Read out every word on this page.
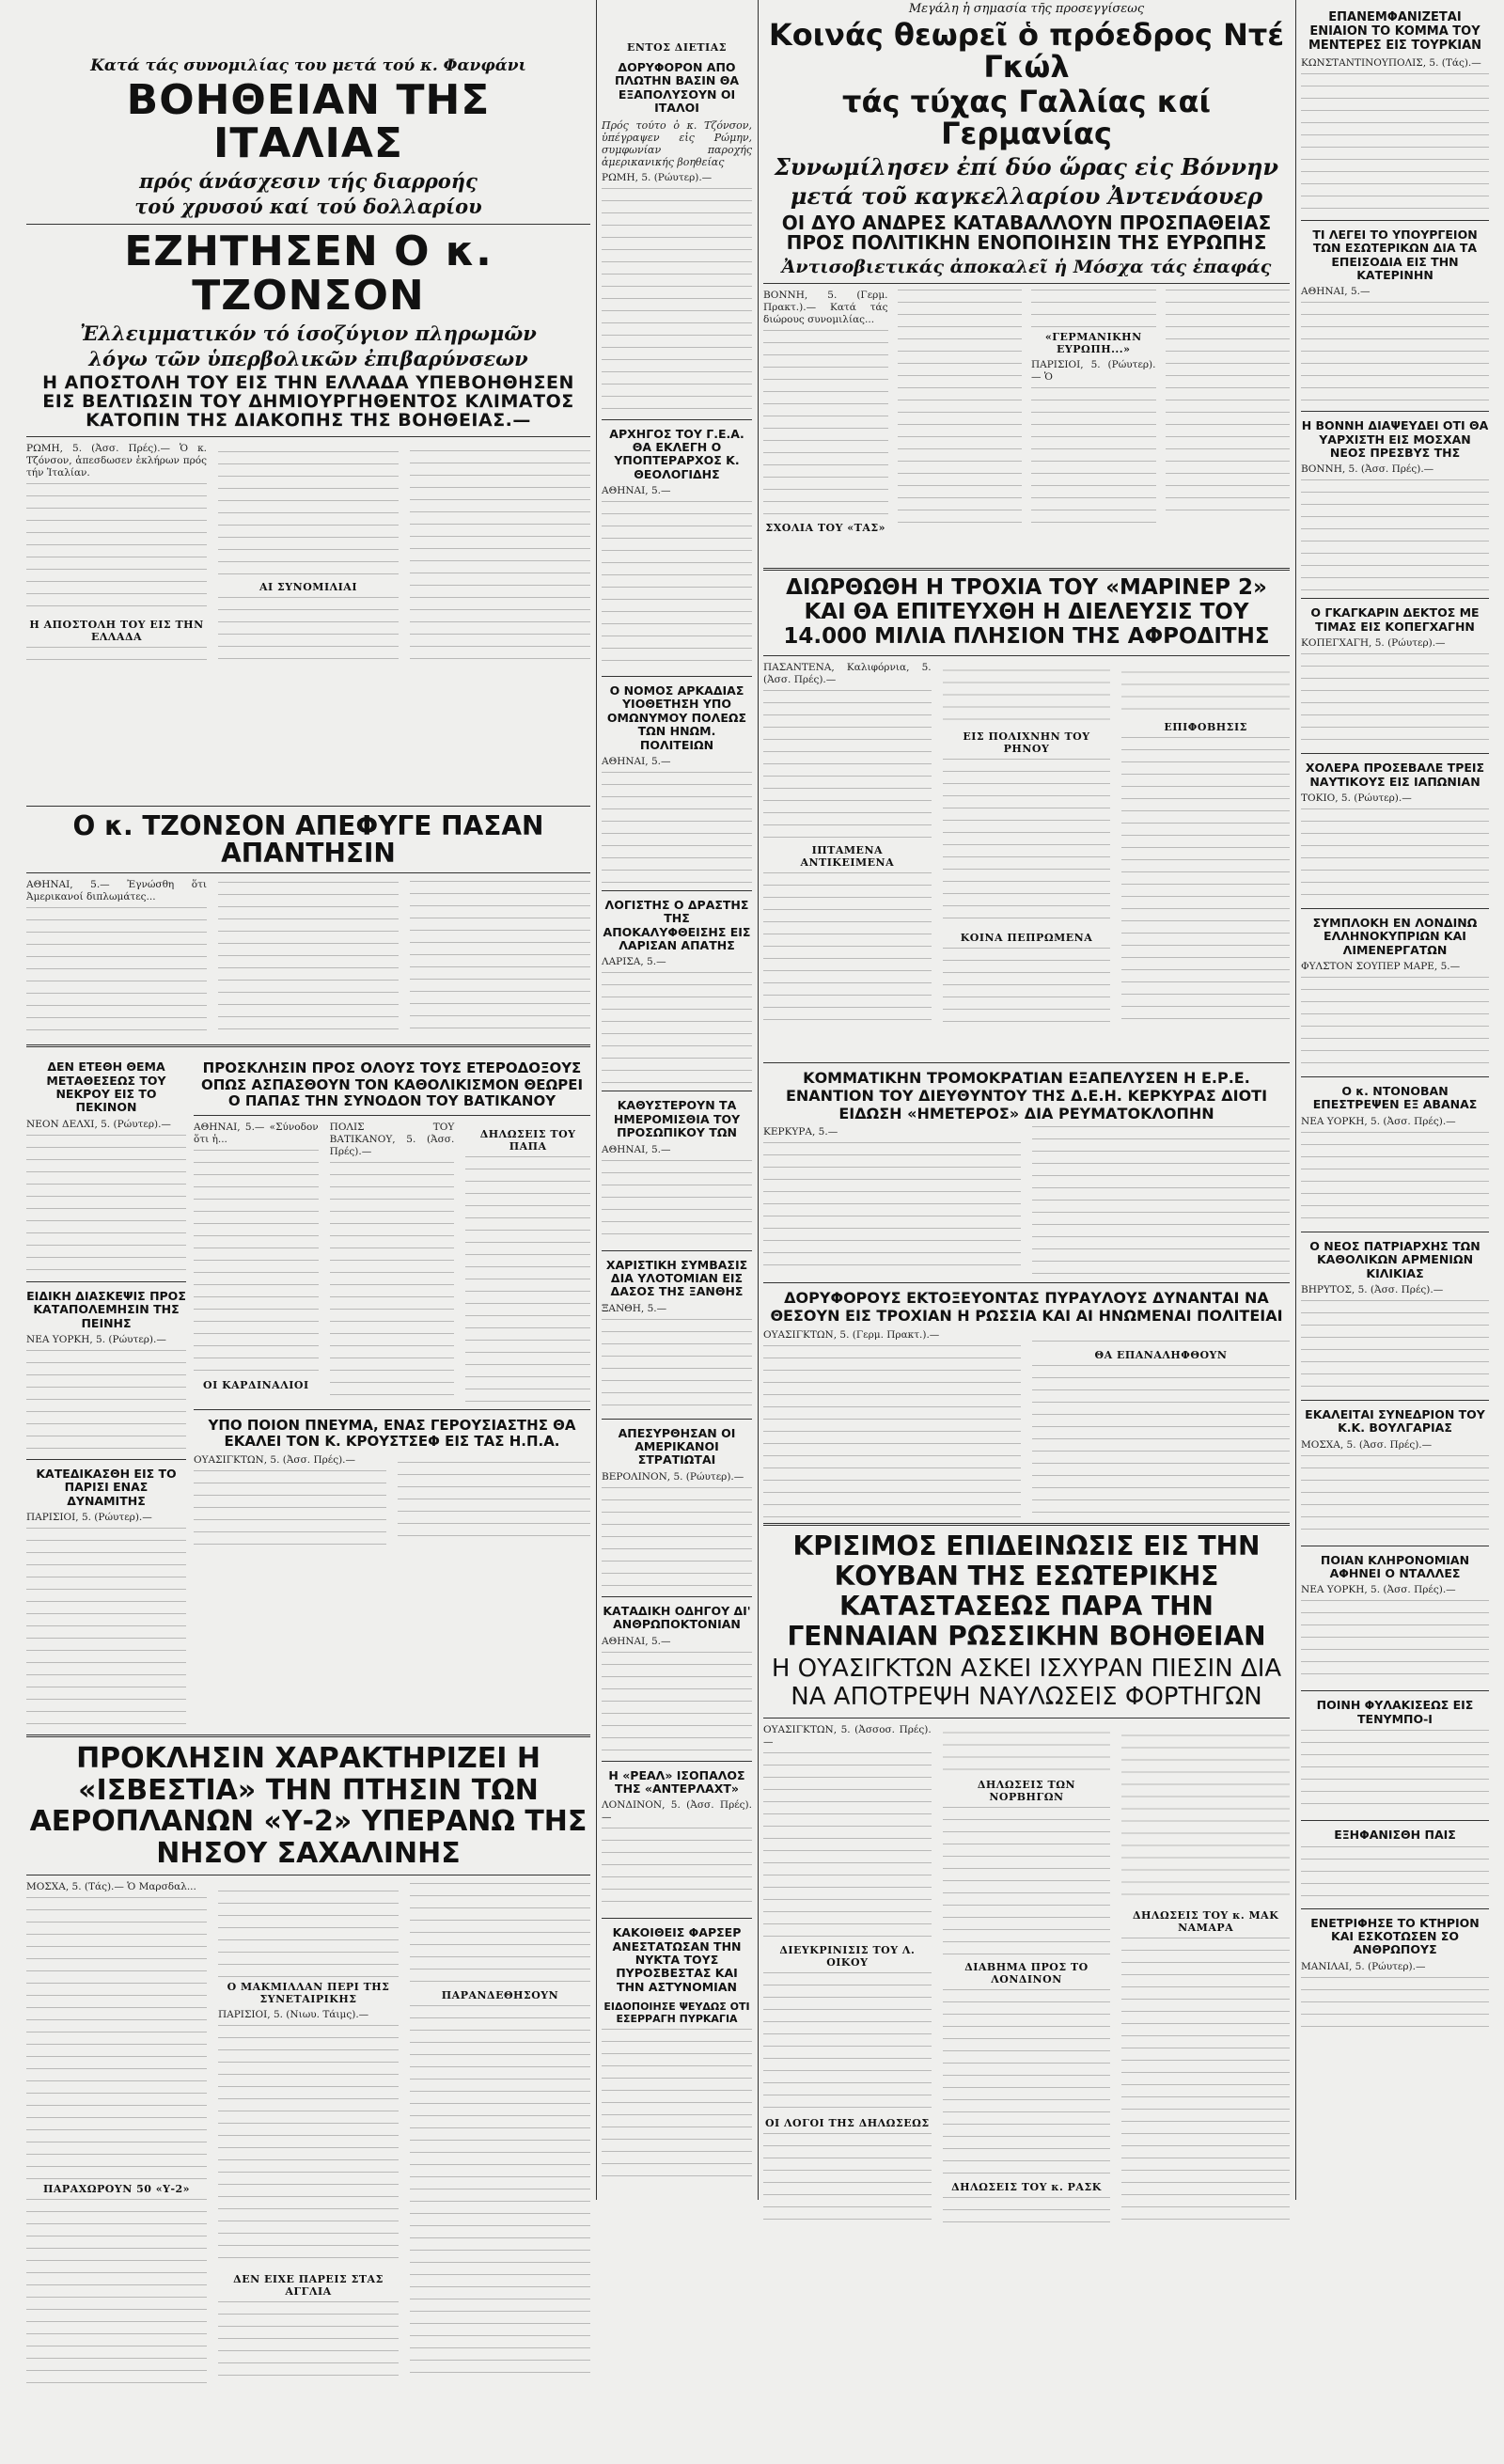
Κατά τάς συνομιλίας του μετά τού κ. Φανφάνι
ΒΟΗΘΕΙΑΝ ΤΗΣ ΙΤΑΛΙΑΣ
πρός άνάσχεσιν τής διαρροής
τού χρυσού καί τού δολλαρίου
ΕΖΗΤΗΣΕΝ Ο κ. ΤΖΟΝΣΟΝ
Ἐλλειμματικόν τό ίσοζύγιον πληρωμῶν
λόγω τῶν ὑπερβολικῶν ἐπιβαρύνσεων
Η ΑΠΟΣΤΟΛΗ ΤΟΥ ΕΙΣ ΤΗΝ ΕΛΛΑΔΑ ΥΠΕΒΟΗΘΗΣΕΝ ΕΙΣ ΒΕΛΤΙΩΣΙΝ ΤΟΥ ΔΗΜΙΟΥΡΓΗΘΕΝΤΟΣ ΚΛΙΜΑΤΟΣ ΚΑΤΟΠΙΝ ΤΗΣ ΔΙΑΚΟΠΗΣ ΤΗΣ ΒΟΗΘΕΙΑΣ.—

ΡΩΜΗ, 5. (Ἀσσ. Πρές).— Ὁ κ. Τζόνσον, ἀπεσδωσεν ἐκλήρων πρός τήν Ἰταλίαν.

Η ΑΠΟΣΤΟΛΗ ΤΟΥ ΕΙΣ ΤΗΝ ΕΛΛΑΔΑ
ΑΙ ΣΥΝΟΜΙΛΙΑΙ
Ο κ. ΤΖΟΝΣΟΝ ΑΠΕΦΥΓΕ ΠΑΣΑΝ ΑΠΑΝΤΗΣΙΝ

ΑΘΗΝΑΙ, 5.— Ἐγνώσθη ὅτι Ἀμερικανοί διπλωμάτες...

ΔΕΝ ΕΤΕΘΗ ΘΕΜΑ ΜΕΤΑΘΕΣΕΩΣ ΤΟΥ ΝΕΚΡΟΥ ΕΙΣ ΤΟ ΠΕΚΙΝΟΝ

ΝΕΟΝ ΔΕΛΧΙ, 5. (Ρώυτερ).—

ΕΙΔΙΚΗ ΔΙΑΣΚΕΨΙΣ ΠΡΟΣ ΚΑΤΑΠΟΛΕΜΗΣΙΝ ΤΗΣ ΠΕΙΝΗΣ

ΝΕΑ ΥΟΡΚΗ, 5. (Ρώυτερ).—

ΚΑΤΕΔΙΚΑΣΘΗ ΕΙΣ ΤΟ ΠΑΡΙΣΙ ΕΝΑΣ ΔΥΝΑΜΙΤΗΣ

ΠΑΡΙΣΙΟΙ, 5. (Ρώυτερ).—

ΠΡΟΣΚΛΗΣΙΝ ΠΡΟΣ ΟΛΟΥΣ ΤΟΥΣ ΕΤΕΡΟΔΟΞΟΥΣ ΟΠΩΣ ΑΣΠΑΣΘΟΥΝ ΤΟΝ ΚΑΘΟΛΙΚΙΣΜΟΝ ΘΕΩΡΕΙ Ο ΠΑΠΑΣ ΤΗΝ ΣΥΝΟΔΟΝ ΤΟΥ ΒΑΤΙΚΑΝΟΥ

ΑΘΗΝΑΙ, 5.— «Σύνοδον ὅτι ἡ...

ΟΙ ΚΑΡΔΙΝΑΛΙΟΙ

ΠΟΛΙΣ ΤΟΥ ΒΑΤΙΚΑΝΟΥ, 5. (Ἀσσ. Πρές).—

ΔΗΛΩΣΕΙΣ ΤΟΥ ΠΑΠΑ
ΥΠΟ ΠΟΙΟΝ ΠΝΕΥΜΑ, ΕΝΑΣ ΓΕΡΟΥΣΙΑΣΤΗΣ ΘΑ ΕΚΑΛΕΙ ΤΟΝ Κ. ΚΡΟΥΣΤΣΕΦ ΕΙΣ ΤΑΣ Η.Π.Α.

ΟΥΑΣΙΓΚΤΩΝ, 5. (Ἀσσ. Πρές).—

ΠΡΟΚΛΗΣΙΝ ΧΑΡΑΚΤΗΡΙΖΕΙ Η «ΙΣΒΕΣΤΙΑ» ΤΗΝ ΠΤΗΣΙΝ ΤΩΝ ΑΕΡΟΠΛΑΝΩΝ «Υ-2» ΥΠΕΡΑΝΩ ΤΗΣ ΝΗΣΟΥ ΣΑΧΑΛΙΝΗΣ

ΜΟΣΧΑ, 5. (Τάς).— Ὁ Μαρσδαλ...

ΠΑΡΑΧΩΡΟΥΝ 50 «Υ-2»
Ο ΜΑΚΜΙΛΛΑΝ ΠΕΡΙ ΤΗΣ ΣΥΝΕΤΑΙΡΙΚΗΣ

ΠΑΡΙΣΙΟΙ, 5. (Νιωυ. Τάιμς).—

ΔΕΝ ΕΙΧΕ ΠΑΡΕΙΣ ΣΤΑΣ ΑΓΓΛΙΑ
ΠΑΡΑΝΔΕΘΗΣΟΥΝ
ΕΝΤΟΣ ΔΙΕΤΙΑΣ
ΔΟΡΥΦΟΡΟΝ ΑΠΟ ΠΛΩΤΗΝ ΒΑΣΙΝ ΘΑ ΕΞΑΠΟΛΥΣΟΥΝ ΟΙ ΙΤΑΛΟΙ

Πρός τούτο ὁ κ. Τζόνσον, ὑπέγραψεν εἰς Ρώμην, συμφωνίαν παροχής ἀμερικανικής βοηθείας

ΡΩΜΗ, 5. (Ρώυτερ).—

ΑΡΧΗΓΟΣ ΤΟΥ Γ.Ε.Α. ΘΑ ΕΚΛΕΓΗ Ο ΥΠΟΠΤΕΡΑΡΧΟΣ Κ. ΘΕΟΛΟΓΙΔΗΣ

ΑΘΗΝΑΙ, 5.—

Ο ΝΟΜΟΣ ΑΡΚΑΔΙΑΣ ΥΙΟΘΕΤΗΣΗ ΥΠΟ ΟΜΩΝΥΜΟΥ ΠΟΛΕΩΣ ΤΩΝ ΗΝΩΜ. ΠΟΛΙΤΕΙΩΝ

ΑΘΗΝΑΙ, 5.—

ΛΟΓΙΣΤΗΣ Ο ΔΡΑΣΤΗΣ ΤΗΣ ΑΠΟΚΑΛΥΦΘΕΙΣΗΣ ΕΙΣ ΛΑΡΙΣΑΝ ΑΠΑΤΗΣ

ΛΑΡΙΣΑ, 5.—

ΚΑΘΥΣΤΕΡΟΥΝ ΤΑ ΗΜΕΡΟΜΙΣΘΙΑ ΤΟΥ ΠΡΟΣΩΠΙΚΟΥ ΤΩΝ

ΑΘΗΝΑΙ, 5.—

ΧΑΡΙΣΤΙΚΗ ΣΥΜΒΑΣΙΣ ΔΙΑ ΥΛΟΤΟΜΙΑΝ ΕΙΣ ΔΑΣΟΣ ΤΗΣ ΞΑΝΘΗΣ

ΞΑΝΘΗ, 5.—

ΑΠΕΣΥΡΘΗΣΑΝ ΟΙ ΑΜΕΡΙΚΑΝΟΙ ΣΤΡΑΤΙΩΤΑΙ

ΒΕΡΟΛΙΝΟΝ, 5. (Ρώυτερ).—

ΚΑΤΑΔΙΚΗ ΟΔΗΓΟΥ ΔΙ' ΑΝΘΡΩΠΟΚΤΟΝΙΑΝ

ΑΘΗΝΑΙ, 5.—

Η «ΡΕΑΛ» ΙΣΟΠΑΛΟΣ ΤΗΣ «ΑΝΤΕΡΛΑΧΤ»

ΛΟΝΔΙΝΟΝ, 5. (Ἀσσ. Πρές).—

ΚΑΚΟΙΘΕΙΣ ΦΑΡΣΕΡ ΑΝΕΣΤΑΤΩΣΑΝ ΤΗΝ ΝΥΚΤΑ ΤΟΥΣ ΠΥΡΟΣΒΕΣΤΑΣ ΚΑΙ ΤΗΝ ΑΣΤΥΝΟΜΙΑΝ
ΕΙΔΟΠΟΙΗΣΕ ΨΕΥΔΩΣ ΟΤΙ ΕΣΕΡΡΑΓΗ ΠΥΡΚΑΓΙΑ
Μεγάλη ἡ σημασία τῆς προσεγγίσεως
Κοινάς θεωρεῖ ὁ πρόεδρος Ντέ Γκώλ
τάς τύχας Γαλλίας καί Γερμανίας
Συνωμίλησεν ἐπί δύο ὥρας εἰς Βόννην
μετά τοῦ καγκελλαρίου Ἀντενάουερ
ΟΙ ΔΥΟ ΑΝΔΡΕΣ ΚΑΤΑΒΑΛΛΟΥΝ ΠΡΟΣΠΑΘΕΙΑΣ ΠΡΟΣ ΠΟΛΙΤΙΚΗΝ ΕΝΟΠΟΙΗΣΙΝ ΤΗΣ ΕΥΡΩΠΗΣ
Ἀντισοβιετικάς ἀποκαλεῖ ἡ Μόσχα τάς ἐπαφάς

ΒΟΝΝΗ, 5. (Γερμ. Πρακτ.).— Κατά τάς διώρους συνομιλίας...

ΣΧΟΛΙΑ ΤΟΥ «ΤΑΣ»
«ΓΕΡΜΑΝΙΚΗΝ ΕΥΡΩΠΗ...»

ΠΑΡΙΣΙΟΙ, 5. (Ρώυτερ).— Ὁ

ΔΙΩΡΘΩΘΗ Η ΤΡΟΧΙΑ ΤΟΥ «ΜΑΡΙΝΕΡ 2» ΚΑΙ ΘΑ ΕΠΙΤΕΥΧΘΗ Η ΔΙΕΛΕΥΣΙΣ ΤΟΥ 14.000 ΜΙΛΙΑ ΠΛΗΣΙΟΝ ΤΗΣ ΑΦΡΟΔΙΤΗΣ

ΠΑΣΑΝΤΕΝΑ, Καλιφόρνια, 5. (Ἀσσ. Πρές).—

ΙΠΤΑΜΕΝΑ ΑΝΤΙΚΕΙΜΕΝΑ
ΕΙΣ ΠΟΛΙΧΝΗΝ ΤΟΥ ΡΗΝΟΥ
ΚΟΙΝΑ ΠΕΠΡΩΜΕΝΑ
ΕΠΙΦΟΒΗΣΙΣ
ΚΟΜΜΑΤΙΚΗΝ ΤΡΟΜΟΚΡΑΤΙΑΝ ΕΞΑΠΕΛΥΣΕΝ Η Ε.Ρ.Ε. ΕΝΑΝΤΙΟΝ ΤΟΥ ΔΙΕΥΘΥΝΤΟΥ ΤΗΣ Δ.Ε.Η. ΚΕΡΚΥΡΑΣ ΔΙΟΤΙ ΕΙΔΩΣΗ «ΗΜΕΤΕΡΟΣ» ΔΙΑ ΡΕΥΜΑΤΟΚΛΟΠΗΝ

ΚΕΡΚΥΡΑ, 5.—

ΔΟΡΥΦΟΡΟΥΣ ΕΚΤΟΞΕΥΟΝΤΑΣ ΠΥΡΑΥΛΟΥΣ ΔΥΝΑΝΤΑΙ ΝΑ ΘΕΣΟΥΝ ΕΙΣ ΤΡΟΧΙΑΝ Η ΡΩΣΣΙΑ ΚΑΙ ΑΙ ΗΝΩΜΕΝΑΙ ΠΟΛΙΤΕΙΑΙ

ΟΥΑΣΙΓΚΤΩΝ, 5. (Γερμ. Πρακτ.).—

ΘΑ ΕΠΑΝΑΛΗΦΘΟΥΝ
ΚΡΙΣΙΜΟΣ ΕΠΙΔΕΙΝΩΣΙΣ ΕΙΣ ΤΗΝ ΚΟΥΒΑΝ ΤΗΣ ΕΣΩΤΕΡΙΚΗΣ ΚΑΤΑΣΤΑΣΕΩΣ ΠΑΡΑ ΤΗΝ ΓΕΝΝΑΙΑΝ ΡΩΣΣΙΚΗΝ ΒΟΗΘΕΙΑΝ
Η ΟΥΑΣΙΓΚΤΩΝ ΑΣΚΕΙ ΙΣΧΥΡΑΝ ΠΙΕΣΙΝ ΔΙΑ ΝΑ ΑΠΟΤΡΕΨΗ ΝΑΥΛΩΣΕΙΣ ΦΟΡΤΗΓΩΝ

ΟΥΑΣΙΓΚΤΩΝ, 5. (Ἀσσοσ. Πρές).—

ΔΙΕΥΚΡΙΝΙΣΙΣ ΤΟΥ Λ. ΟΙΚΟΥ
ΟΙ ΛΟΓΟΙ ΤΗΣ ΔΗΛΩΣΕΩΣ
ΔΗΛΩΣΕΙΣ ΤΩΝ ΝΟΡΒΗΓΩΝ
ΔΙΑΒΗΜΑ ΠΡΟΣ ΤΟ ΛΟΝΔΙΝΟΝ
ΔΗΛΩΣΕΙΣ ΤΟΥ κ. ΡΑΣΚ
ΔΗΛΩΣΕΙΣ ΤΟΥ κ. ΜΑΚ ΝΑΜΑΡΑ
ΕΠΑΝΕΜΦΑΝΙΖΕΤΑΙ ΕΝΙΑΙΟΝ ΤΟ ΚΟΜΜΑ ΤΟΥ ΜΕΝΤΕΡΕΣ ΕΙΣ ΤΟΥΡΚΙΑΝ

ΚΩΝΣΤΑΝΤΙΝΟΥΠΟΛΙΣ, 5. (Τάς).—

ΤΙ ΛΕΓΕΙ ΤΟ ΥΠΟΥΡΓΕΙΟΝ ΤΩΝ ΕΣΩΤΕΡΙΚΩΝ ΔΙΑ ΤΑ ΕΠΕΙΣΟΔΙΑ ΕΙΣ ΤΗΝ ΚΑΤΕΡΙΝΗΝ

ΑΘΗΝΑΙ, 5.—

Η ΒΟΝΝΗ ΔΙΑΨΕΥΔΕΙ ΟΤΙ ΘΑ ΥΑΡΧΙΣΤΗ ΕΙΣ ΜΟΣΧΑΝ ΝΕΟΣ ΠΡΕΣΒΥΣ ΤΗΣ

ΒΟΝΝΗ, 5. (Ἀσσ. Πρές).—

Ο ΓΚΑΓΚΑΡΙΝ ΔΕΚΤΟΣ ΜΕ ΤΙΜΑΣ ΕΙΣ ΚΟΠΕΓΧΑΓΗΝ

ΚΟΠΕΓΧΑΓΗ, 5. (Ρώυτερ).—

ΧΟΛΕΡΑ ΠΡΟΣΕΒΑΛΕ ΤΡΕΙΣ ΝΑΥΤΙΚΟΥΣ ΕΙΣ ΙΑΠΩΝΙΑΝ

ΤΟΚΙΟ, 5. (Ρώυτερ).—

ΣΥΜΠΛΟΚΗ ΕΝ ΛΟΝΔΙΝΩ ΕΛΛΗΝΟΚΥΠΡΙΩΝ ΚΑΙ ΛΙΜΕΝΕΡΓΑΤΩΝ

ΦΥΛΣΤΟΝ ΣΟΥΠΕΡ ΜΑΡΕ, 5.—

Ο κ. ΝΤΟΝΟΒΑΝ ΕΠΕΣΤΡΕΨΕΝ ΕΞ ΑΒΑΝΑΣ

ΝΕΑ ΥΟΡΚΗ, 5. (Ἀσσ. Πρές).—

Ο ΝΕΟΣ ΠΑΤΡΙΑΡΧΗΣ ΤΩΝ ΚΑΘΟΛΙΚΩΝ ΑΡΜΕΝΙΩΝ ΚΙΛΙΚΙΑΣ

ΒΗΡΥΤΟΣ, 5. (Ἀσσ. Πρές).—

ΕΚΑΛΕΙΤΑΙ ΣΥΝΕΔΡΙΟΝ ΤΟΥ Κ.Κ. ΒΟΥΛΓΑΡΙΑΣ

ΜΟΣΧΑ, 5. (Ἀσσ. Πρές).—

ΠΟΙΑΝ ΚΛΗΡΟΝΟΜΙΑΝ ΑΦΗΝΕΙ Ο ΝΤΑΛΛΕΣ

ΝΕΑ ΥΟΡΚΗ, 5. (Ἀσσ. Πρές).—

ΠΟΙΝΗ ΦΥΛΑΚΙΣΕΩΣ ΕΙΣ ΤΕΝΥΜΠΟ-Ι
ΕΞΗΦΑΝΙΣΘΗ ΠΑΙΣ
ΕΝΕΤΡΙΦΗΣΕ ΤΟ ΚΤΗΡΙΟΝ ΚΑΙ ΕΣΚΟΤΩΣΕΝ ΣΟ ΑΝΘΡΩΠΟΥΣ

ΜΑΝΙΛΑΙ, 5. (Ρώυτερ).—
